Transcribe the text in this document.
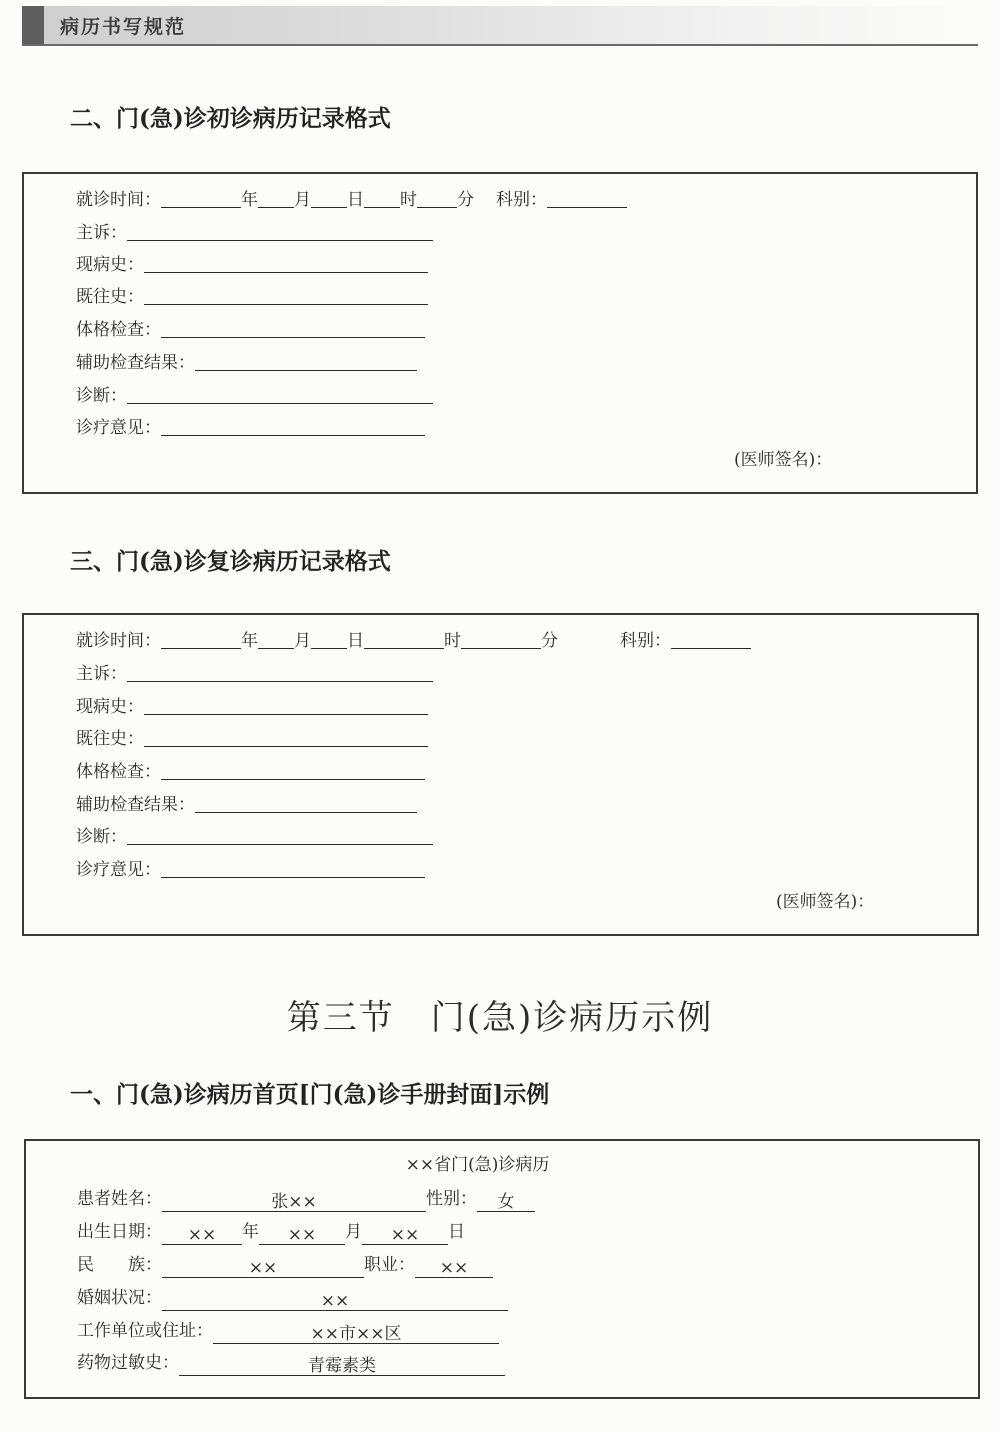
病历书写规范
二、门(急)诊初诊病历记录格式
就诊时间：	年 月 日 时 分 科别：
主诉：
现病史：
既往史：
体格检查：
辅助检查结果：
诊断：
诊疗意见：
(医师签名)：
三、门(急)诊复诊病历记录格式
就诊时间：	年 月 日	时	分	科别：
主诉：
现病史：
既往史：
体格检查：
辅助检查结果：
诊断：
诊疗意见：
(医师签名)：
第三节　门(急)诊病历示例
一、门(急)诊病历首页[门(急)诊手册封面]示例
××省门(急)诊病历
患者姓名：	张××	性别： 女
出生日期： ×× 年 ×× 月 ×× 日
民　　族：	××	职业： ××
婚姻状况：	××
工作单位或住址：	××市××区
药物过敏史：	青霉素类
